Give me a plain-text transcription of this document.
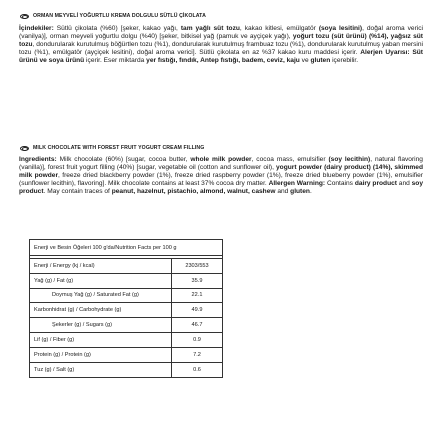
ORMAN MEYVELİ YOĞURTLU KREMA DOLGULU SÜTLÜ ÇİKOLATA
İçindekiler: Sütlü çikolata (%60) [şeker, kakao yağı, tam yağlı süt tozu, kakao kitlesi, emülgatör (soya lesitini), doğal aroma verici (vanilya)], orman meyveli yoğurtlu dolgu (%40) [şeker, bitkisel yağ (pamuk ve ayçiçek yağı), yoğurt tozu (süt ürünü) (%14), yağsız süt tozu, dondurularak kurutulmuş böğürtlen tozu (%1), dondurularak kurutulmuş frambuaz tozu (%1), dondurularak kurutulmuş yaban mersini tozu (%1), emülgatör (ayçiçek lesitini), doğal aroma verici]. Sütlü çikolata en az %37 kakao kuru maddesi içerir. Alerjen Uyarısı: Süt ürünü ve soya ürünü içerir. Eser miktarda yer fıstığı, fındık, Antep fıstığı, badem, ceviz, kaju ve gluten içerebilir.
MILK CHOCOLATE WITH FOREST FRUIT YOGURT CREAM FILLING
Ingredients: Milk chocolate (60%) [sugar, cocoa butter, whole milk powder, cocoa mass, emulsifier (soy lecithin), natural flavoring (vanilla)], forest fruit yogurt filling (40%) [sugar, vegetable oil (cotton and sunflower oil), yogurt powder (dairy product) (14%), skimmed milk powder, freeze dried blackberry powder (1%), freeze dried raspberry powder (1%), freeze dried blueberry powder (1%), emulsifier (sunflower lecithin), flavoring]. Milk chocolate contains at least 37% cocoa dry matter. Allergen Warning: Contains dairy product and soy product. May contain traces of peanut, hazelnut, pistachio, almond, walnut, cashew and gluten.
Enerji ve Besin Öğeleri 100 g'da/Nutrition Facts per 100 g
Enerji / Energy (kj / kcal)	2303/553
Yağ (g) / Fat (g)	35.9
Doymuş Yağ (g) / Saturated Fat (g)	22.1
Karbonhidrat (g) / Carbohydrate (g)	49.9
Şekerler (g) / Sugars (g)	46.7
Lif (g) / Fiber (g)	0.9
Protein (g) / Protein (g)	7.2
Tuz (g) / Salt (g)	0.6
